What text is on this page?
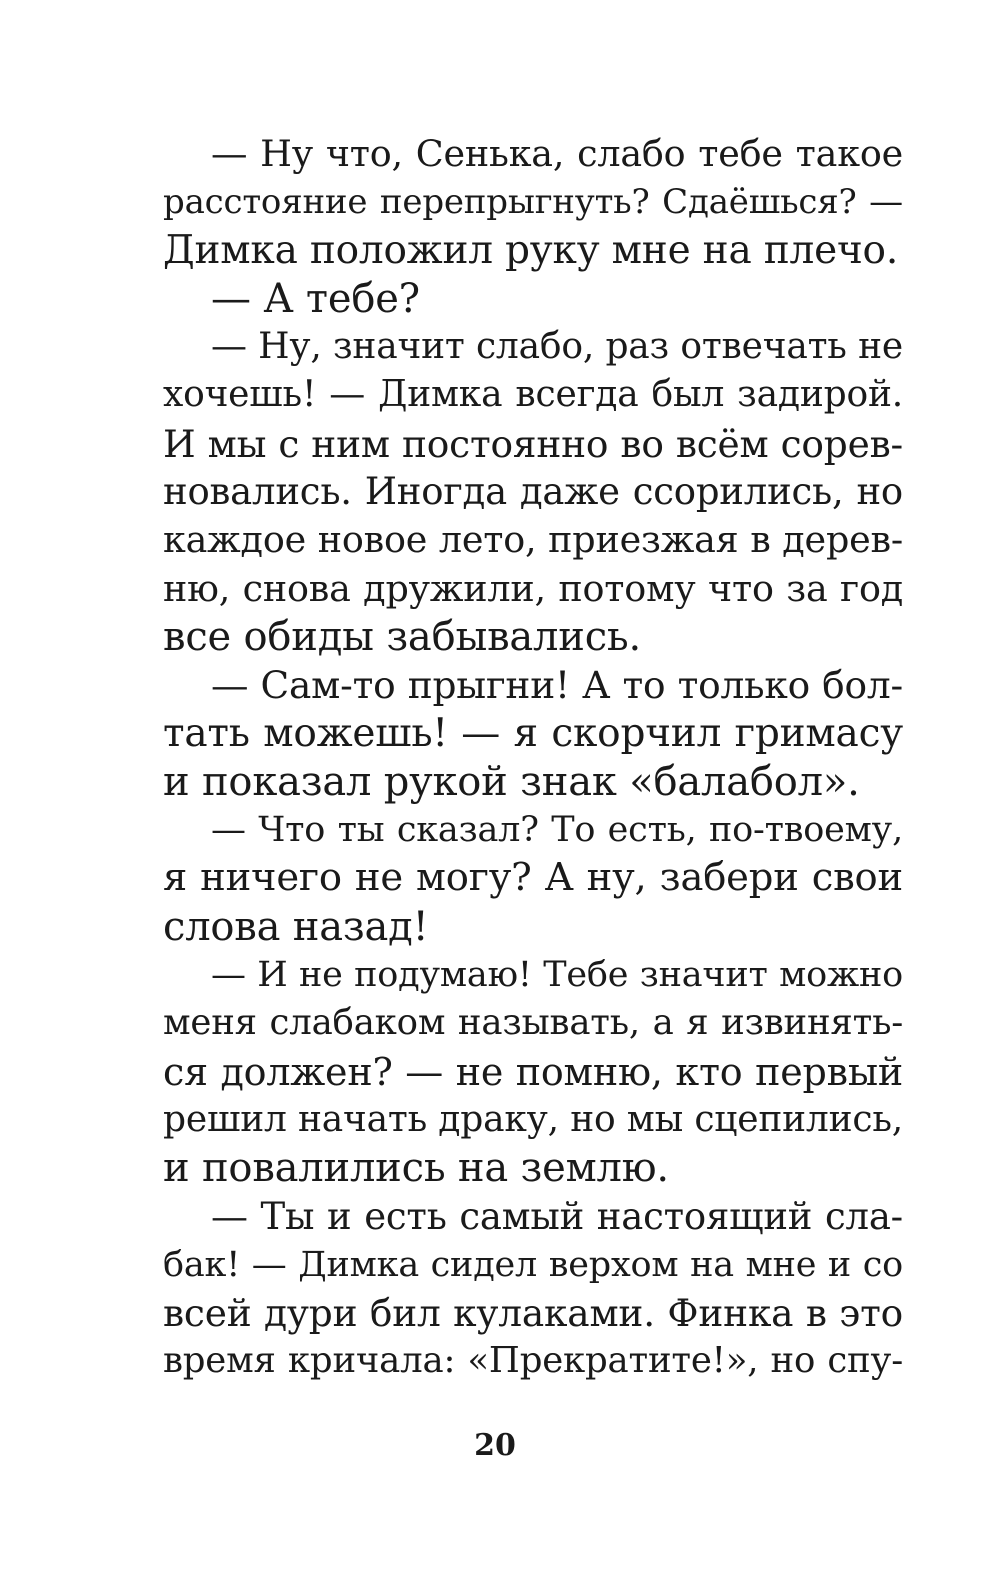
— Ну что, Сенька, слабо тебе такое
расстояние перепрыгнуть? Сдаёшься? —
Димка положил руку мне на плечо.
— А тебе?
— Ну, значит слабо, раз отвечать не
хочешь! — Димка всегда был задирой.
И мы с ним постоянно во всём сорев-
новались. Иногда даже ссорились, но
каждое новое лето, приезжая в дерев-
ню, снова дружили, потому что за год
все обиды забывались.
— Сам-то прыгни! А то только бол-
тать можешь! — я скорчил гримасу
и показал рукой знак «балабол».
— Что ты сказал? То есть, по-твоему,
я ничего не могу? А ну, забери свои
слова назад!
— И не подумаю! Тебе значит можно
меня слабаком называть, а я извинять-
ся должен? — не помню, кто первый
решил начать драку, но мы сцепились,
и повалились на землю.
— Ты и есть самый настоящий сла-
бак! — Димка сидел верхом на мне и со
всей дури бил кулаками. Финка в это
время кричала: «Прекратите!», но спу-
20
